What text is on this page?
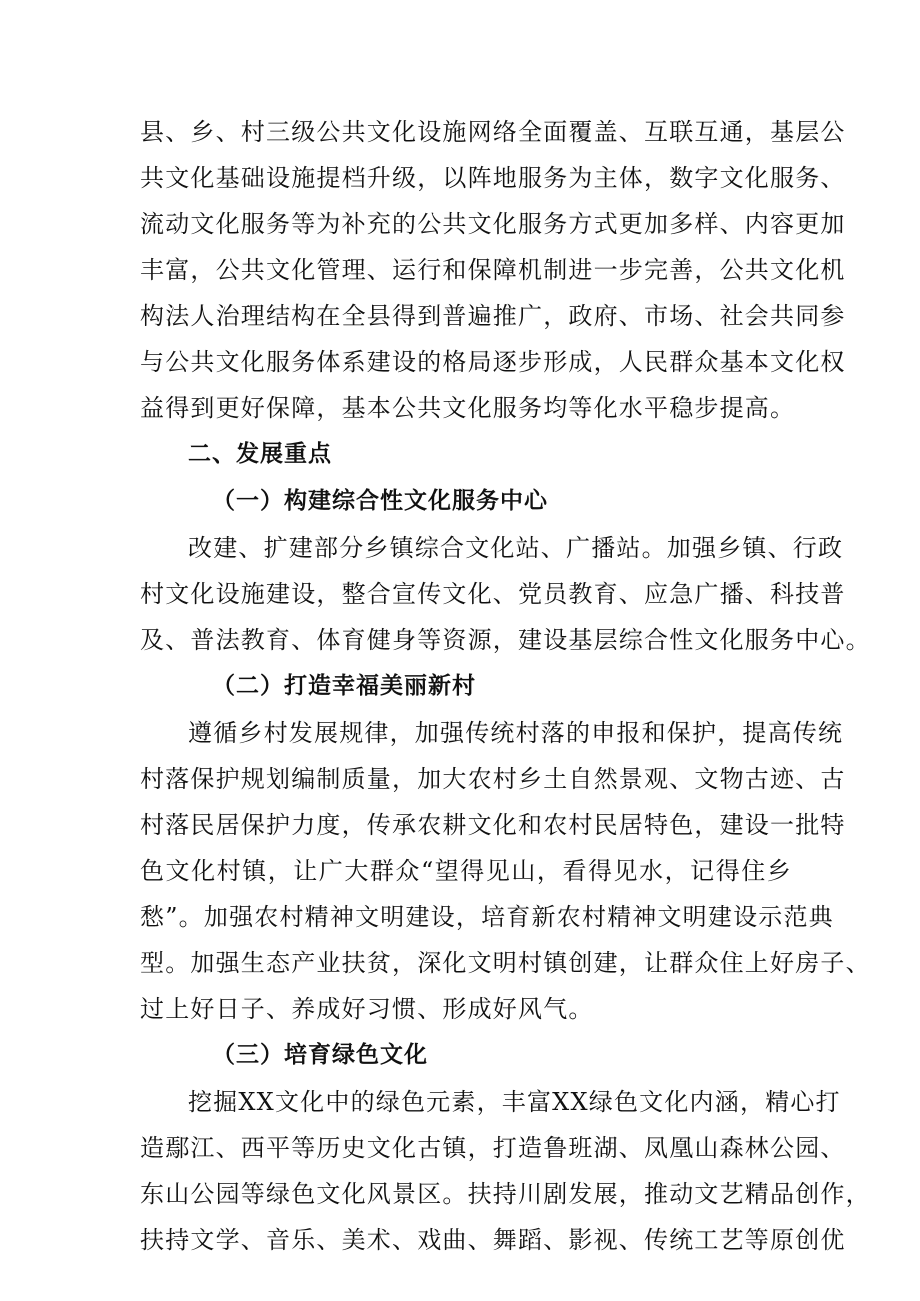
县、乡、村三级公共文化设施网络全面覆盖、互联互通，基层公
共文化基础设施提档升级，以阵地服务为主体，数字文化服务、
流动文化服务等为补充的公共文化服务方式更加多样、内容更加
丰富，公共文化管理、运行和保障机制进一步完善，公共文化机
构法人治理结构在全县得到普遍推广，政府、市场、社会共同参
与公共文化服务体系建设的格局逐步形成，人民群众基本文化权
益得到更好保障，基本公共文化服务均等化水平稳步提高。
二、发展重点
（一）构建综合性文化服务中心
改建、扩建部分乡镇综合文化站、广播站。加强乡镇、行政
村文化设施建设，整合宣传文化、党员教育、应急广播、科技普
及、普法教育、体育健身等资源，建设基层综合性文化服务中心。
（二）打造幸福美丽新村
遵循乡村发展规律，加强传统村落的申报和保护，提高传统
村落保护规划编制质量，加大农村乡土自然景观、文物古迹、古
村落民居保护力度，传承农耕文化和农村民居特色，建设一批特
色文化村镇，让广大群众“望得见山，看得见水，记得住乡
愁”。加强农村精神文明建设，培育新农村精神文明建设示范典
型。加强生态产业扶贫，深化文明村镇创建，让群众住上好房子、
过上好日子、养成好习惯、形成好风气。
（三）培育绿色文化
挖掘XX文化中的绿色元素，丰富XX绿色文化内涵，精心打
造鄢江、西平等历史文化古镇，打造鲁班湖、凤凰山森林公园、
东山公园等绿色文化风景区。扶持川剧发展，推动文艺精品创作，
扶持文学、音乐、美术、戏曲、舞蹈、影视、传统工艺等原创优
